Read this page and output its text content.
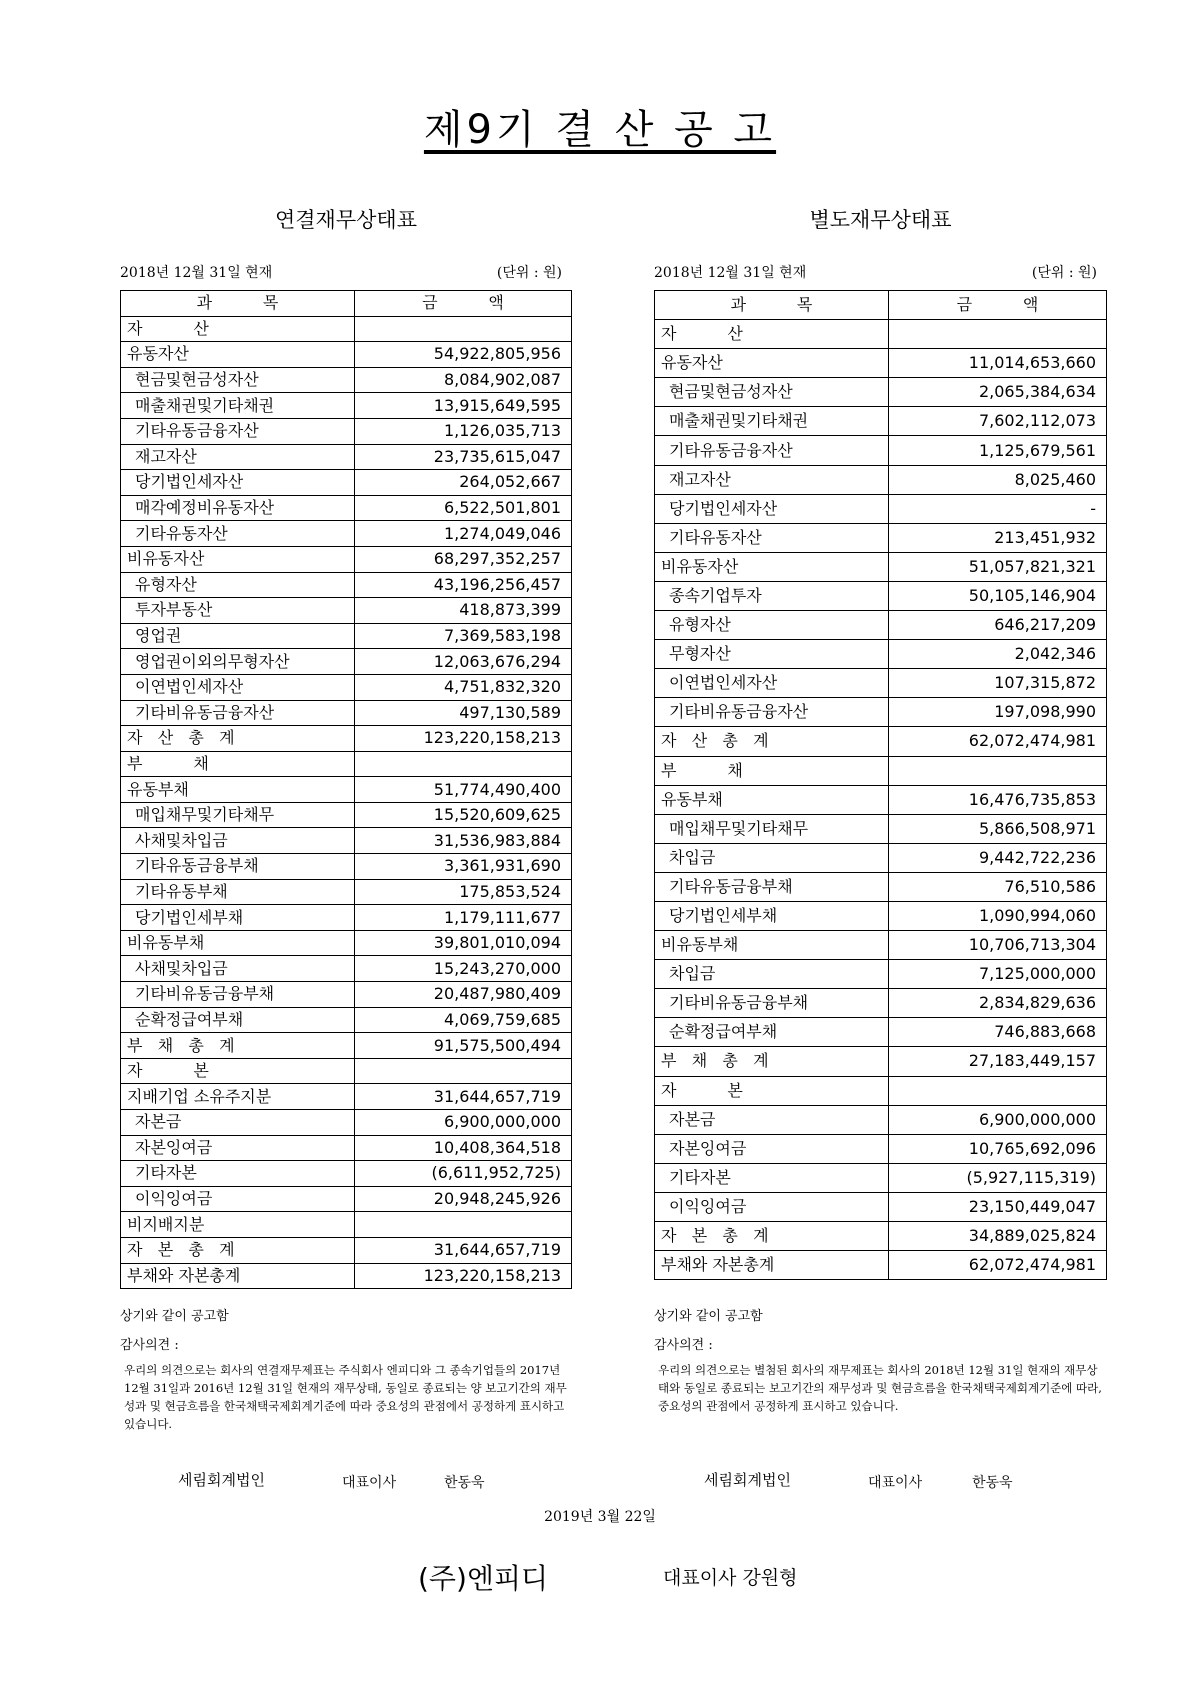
제9기 결 산 공 고
연결재무상태표
2018년 12월 31일 현재	(단위 : 원)
과          목	금          액
자          산	
유동자산	54,922,805,956
현금및현금성자산	8,084,902,087
매출채권및기타채권	13,915,649,595
기타유동금융자산	1,126,035,713
재고자산	23,735,615,047
당기법인세자산	264,052,667
매각예정비유동자산	6,522,501,801
기타유동자산	1,274,049,046
비유동자산	68,297,352,257
유형자산	43,196,256,457
투자부동산	418,873,399
영업권	7,369,583,198
영업권이외의무형자산	12,063,676,294
이연법인세자산	4,751,832,320
기타비유동금융자산	497,130,589
자   산   총   계	123,220,158,213
부          채	
유동부채	51,774,490,400
매입채무및기타채무	15,520,609,625
사채및차입금	31,536,983,884
기타유동금융부채	3,361,931,690
기타유동부채	175,853,524
당기법인세부채	1,179,111,677
비유동부채	39,801,010,094
사채및차입금	15,243,270,000
기타비유동금융부채	20,487,980,409
순확정급여부채	4,069,759,685
부   채   총   계	91,575,500,494
자          본	
지배기업 소유주지분	31,644,657,719
자본금	6,900,000,000
자본잉여금	10,408,364,518
기타자본	(6,611,952,725)
이익잉여금	20,948,245,926
비지배지분	
자   본   총   계	31,644,657,719
부채와 자본총계	123,220,158,213
상기와 같이 공고함
감사의견 :
우리의 의견으로는 회사의 연결재무제표는 주식회사 엔피디와 그 종속기업들의 2017년 12월 31일과 2016년 12월 31일 현재의 재무상태, 동일로 종료되는 양 보고기간의 재무성과 및 현금흐름을 한국채택국제회계기준에 따라 중요성의 관점에서 공정하게 표시하고 있습니다.
세림회계법인	대표이사	한동욱
별도재무상태표
2018년 12월 31일 현재	(단위 : 원)
과          목	금          액
자          산	
유동자산	11,014,653,660
현금및현금성자산	2,065,384,634
매출채권및기타채권	7,602,112,073
기타유동금융자산	1,125,679,561
재고자산	8,025,460
당기법인세자산	-
기타유동자산	213,451,932
비유동자산	51,057,821,321
종속기업투자	50,105,146,904
유형자산	646,217,209
무형자산	2,042,346
이연법인세자산	107,315,872
기타비유동금융자산	197,098,990
자   산   총   계	62,072,474,981
부          채	
유동부채	16,476,735,853
매입채무및기타채무	5,866,508,971
차입금	9,442,722,236
기타유동금융부채	76,510,586
당기법인세부채	1,090,994,060
비유동부채	10,706,713,304
차입금	7,125,000,000
기타비유동금융부채	2,834,829,636
순확정급여부채	746,883,668
부   채   총   계	27,183,449,157
자          본	
자본금	6,900,000,000
자본잉여금	10,765,692,096
기타자본	(5,927,115,319)
이익잉여금	23,150,449,047
자   본   총   계	34,889,025,824
부채와 자본총계	62,072,474,981
상기와 같이 공고함
감사의견 :
우리의 의견으로는 별첨된 회사의 재무제표는 회사의 2018년 12월 31일 현재의 재무상태와 동일로 종료되는 보고기간의 재무성과 및 현금흐름을 한국채택국제회계기준에 따라, 중요성의 관점에서 공정하게 표시하고 있습니다.
세림회계법인	대표이사	한동욱
2019년 3월 22일
(주)엔피디	대표이사 강원형
